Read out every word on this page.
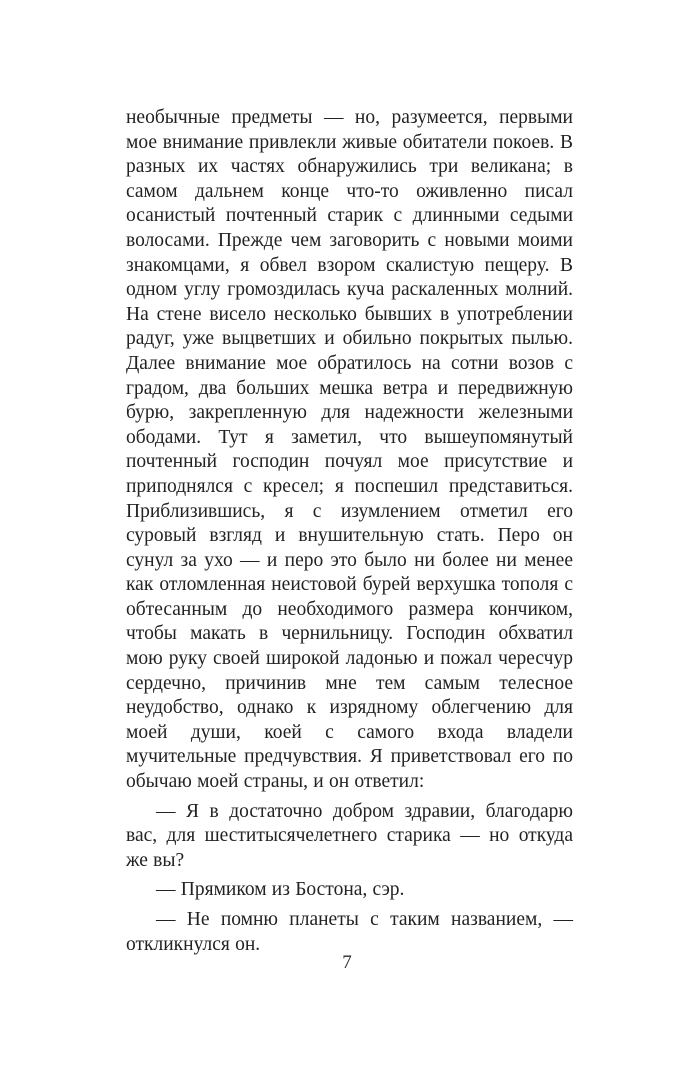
необычные предметы — но, разумеется, первыми мое внимание привлекли живые обитатели покоев. В разных их частях обнаружились три великана; в самом дальнем конце что-то оживленно писал осанистый почтенный старик с длинными седыми волосами. Прежде чем заговорить с новыми моими знакомцами, я обвел взором скалистую пещеру. В одном углу громоздилась куча раскаленных молний. На стене висело несколько бывших в употреблении радуг, уже выцветших и обильно покрытых пылью. Далее внимание мое обратилось на сотни возов с градом, два больших мешка ветра и передвижную бурю, закрепленную для надежности железными ободами. Тут я заметил, что вышеупомянутый почтенный господин почуял мое присутствие и приподнялся с кресел; я поспешил представиться. Приблизившись, я с изумлением отметил его суровый взгляд и внушительную стать. Перо он сунул за ухо — и перо это было ни более ни менее как отломленная неистовой бурей верхушка тополя с обтесанным до необходимого размера кончиком, чтобы макать в чернильницу. Господин обхватил мою руку своей широкой ладонью и пожал чересчур сердечно, причинив мне тем самым телесное неудобство, однако к изрядному облегчению для моей души, коей с самого входа владели мучительные предчувствия. Я приветствовал его по обычаю моей страны, и он ответил:

— Я в достаточно добром здравии, благодарю вас, для шеститысячелетнего старика — но откуда же вы?

— Прямиком из Бостона, сэр.

— Не помню планеты с таким названием, — откликнулся он.

7
